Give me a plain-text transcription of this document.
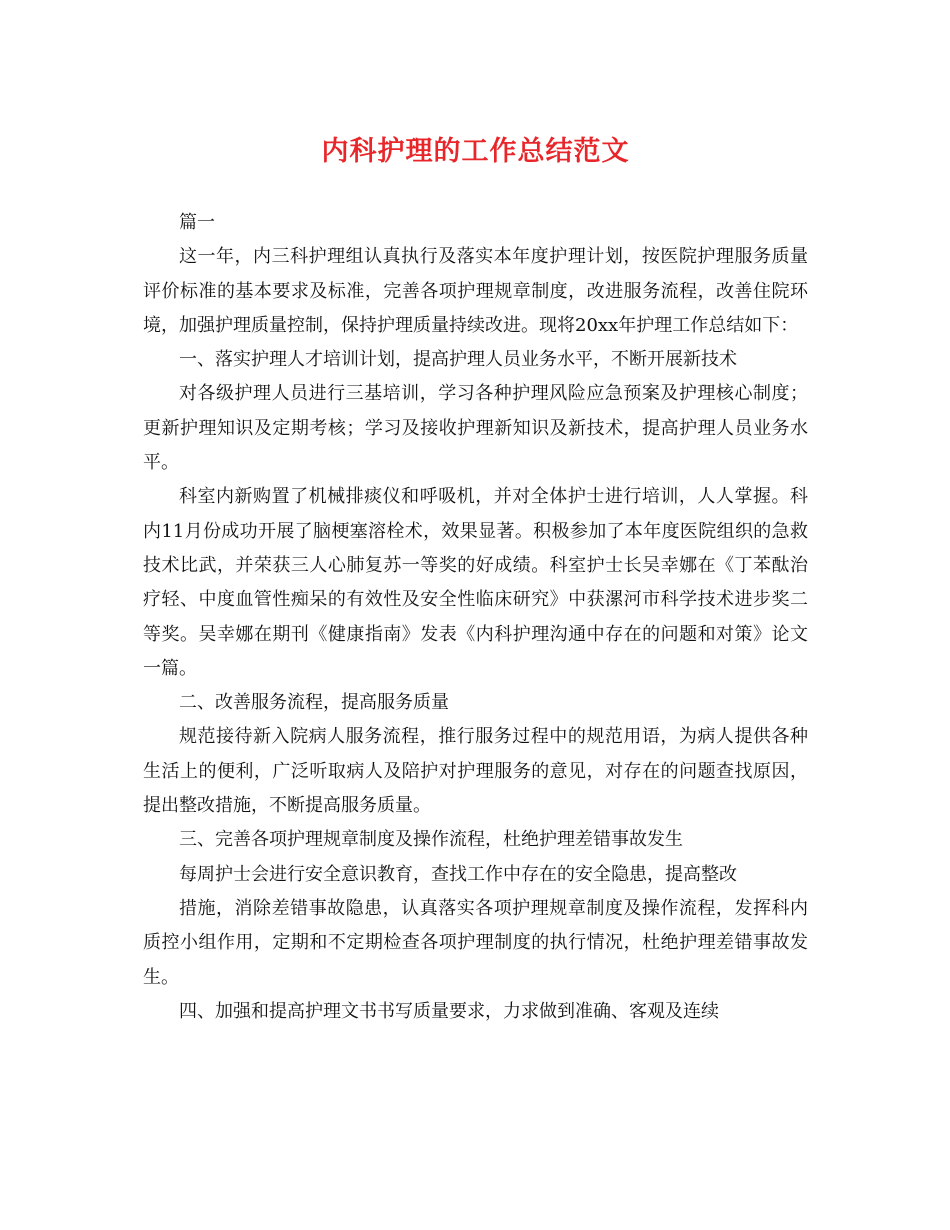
内科护理的工作总结范文

篇一

这一年，内三科护理组认真执行及落实本年度护理计划，按医院护理服务质量评价标准的基本要求及标准，完善各项护理规章制度，改进服务流程，改善住院环境，加强护理质量控制，保持护理质量持续改进。现将20xx年护理工作总结如下：

一、落实护理人才培训计划，提高护理人员业务水平，不断开展新技术

对各级护理人员进行三基培训，学习各种护理风险应急预案及护理核心制度；更新护理知识及定期考核；学习及接收护理新知识及新技术，提高护理人员业务水平。

科室内新购置了机械排痰仪和呼吸机，并对全体护士进行培训，人人掌握。科内11月份成功开展了脑梗塞溶栓术，效果显著。积极参加了本年度医院组织的急救技术比武，并荣获三人心肺复苏一等奖的好成绩。科室护士长吴幸娜在《丁苯酞治疗轻、中度血管性痴呆的有效性及安全性临床研究》中获漯河市科学技术进步奖二等奖。吴幸娜在期刊《健康指南》发表《内科护理沟通中存在的问题和对策》论文一篇。

二、改善服务流程，提高服务质量

规范接待新入院病人服务流程，推行服务过程中的规范用语，为病人提供各种生活上的便利，广泛听取病人及陪护对护理服务的意见，对存在的问题查找原因，提出整改措施，不断提高服务质量。

三、完善各项护理规章制度及操作流程，杜绝护理差错事故发生

每周护士会进行安全意识教育，查找工作中存在的安全隐患，提高整改

措施，消除差错事故隐患，认真落实各项护理规章制度及操作流程，发挥科内质控小组作用，定期和不定期检查各项护理制度的执行情况，杜绝护理差错事故发生。

四、加强和提高护理文书书写质量要求，力求做到准确、客观及连续
